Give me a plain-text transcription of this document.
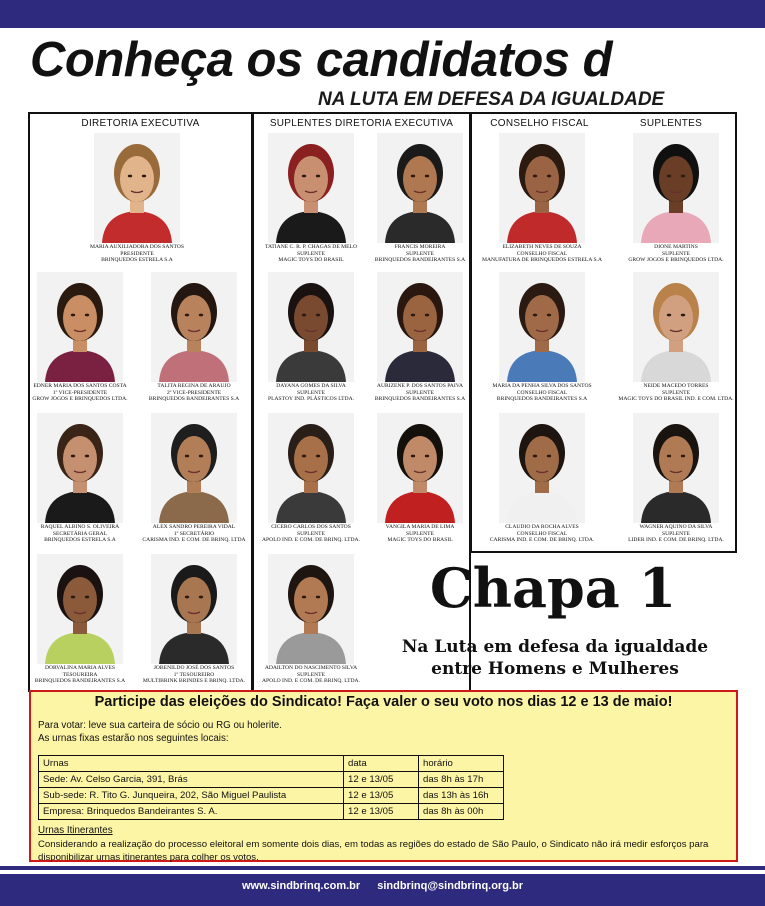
Conheça os candidatos d
NA LUTA EM DEFESA DA IGUALDADE
DIRETORIA EXECUTIVA	SUPLENTES DIRETORIA EXECUTIVA	CONSELHO FISCAL	SUPLENTES
MARIA AUXILIADORA DOS SANTOS
PRESIDENTE
BRINQUEDOS ESTRELA S.A
EDNER MARIA DOS SANTOS COSTA
1º VICE-PRESIDENTE
GROW JOGOS E BRINQUEDOS LTDA.
TALITA REGINA DE ARAUJO
2º VICE-PRESIDENTE
BRINQUEDOS BANDEIRANTES S.A
RAQUEL ALBINO S. OLIVEIRA
SECRETÁRIA GERAL
BRINQUEDOS ESTRELA S.A
ALEX SANDRO PEREIRA VIDAL
1º SECRETÁRIO
CARISMA IND. E COM. DE BRINQ. LTDA
DORVALINA MARIA ALVES
TESOUREIRA
BRINQUEDOS BANDEIRANTES S.A
JOBENILDO JOSÉ DOS SANTOS
1º TESOUREIRO
MULTIBRINK BRINDES E BRINQ. LTDA.
TATIANE C. R. P. CHAGAS DE MELO
SUPLENTE
MAGIC TOYS DO BRASIL
FRANCIS MOREIRA
SUPLENTE
BRINQUEDOS BANDEIRANTES S.A
DAYANA GOMES DA SILVA
SUPLENTE
PLASTOY IND. PLÁSTICOS LTDA.
AURIZENE P. DOS SANTOS PAIVA
SUPLENTE
BRINQUEDOS BANDEIRANTES S.A
CICERO CARLOS DOS SANTOS
SUPLENTE
APOLO IND. E COM. DE BRINQ. LTDA.
VANGILA MARIA DE LIMA
SUPLENTE
MAGIC TOYS DO BRASIL
ADAILTON DO NASCIMENTO SILVA
SUPLENTE
APOLO IND. E COM. DE BRINQ. LTDA.
ELIZABETH NEVES DE SOUZA
CONSELHO FISCAL
MANUFATURA DE BRINQUEDOS ESTRELA S.A
DIONE MARTINS
SUPLENTE
GROW JOGOS E BRINQUEDOS LTDA.
MARIA DA PENHA SILVA DOS SANTOS
CONSELHO FISCAL
BRINQUEDOS BANDEIRANTES S.A
NEIDE MACEDO TORRES
SUPLENTE
MAGIC TOYS DO BRASIL IND. E COM. LTDA.
CLAUDIO DA ROCHA ALVES
CONSELHO FISCAL
CARISMA IND. E COM. DE BRINQ. LTDA.
WAGNER AQUINO DA SILVA
SUPLENTE
LIDER IND. E COM. DE BRINQ. LTDA.
Chapa 1
Na Luta em defesa da igualdade
entre Homens e Mulheres
Participe das eleições do Sindicato! Faça valer o seu voto nos dias 12 e 13 de maio!
Para votar: leve sua carteira de sócio ou RG ou holerite.
As urnas fixas estarão nos seguintes locais:
Urnas	data	horário
Sede: Av. Celso Garcia, 391, Brás	12 e 13/05	das 8h às 17h
Sub-sede: R. Tito G. Junqueira, 202, São Miguel Paulista	12 e 13/05	das 13h às 16h
Empresa: Brinquedos Bandeirantes S. A.	12 e 13/05	das 8h às 00h
Urnas Itinerantes
Considerando a realização do processo eleitoral em somente dois dias, em todas as regiões do estado de São Paulo, o Sindicato não irá medir esforços para disponibilizar urnas itinerantes para colher os votos.
www.sindbrinq.com.br sindbrinq@sindbrinq.org.br
